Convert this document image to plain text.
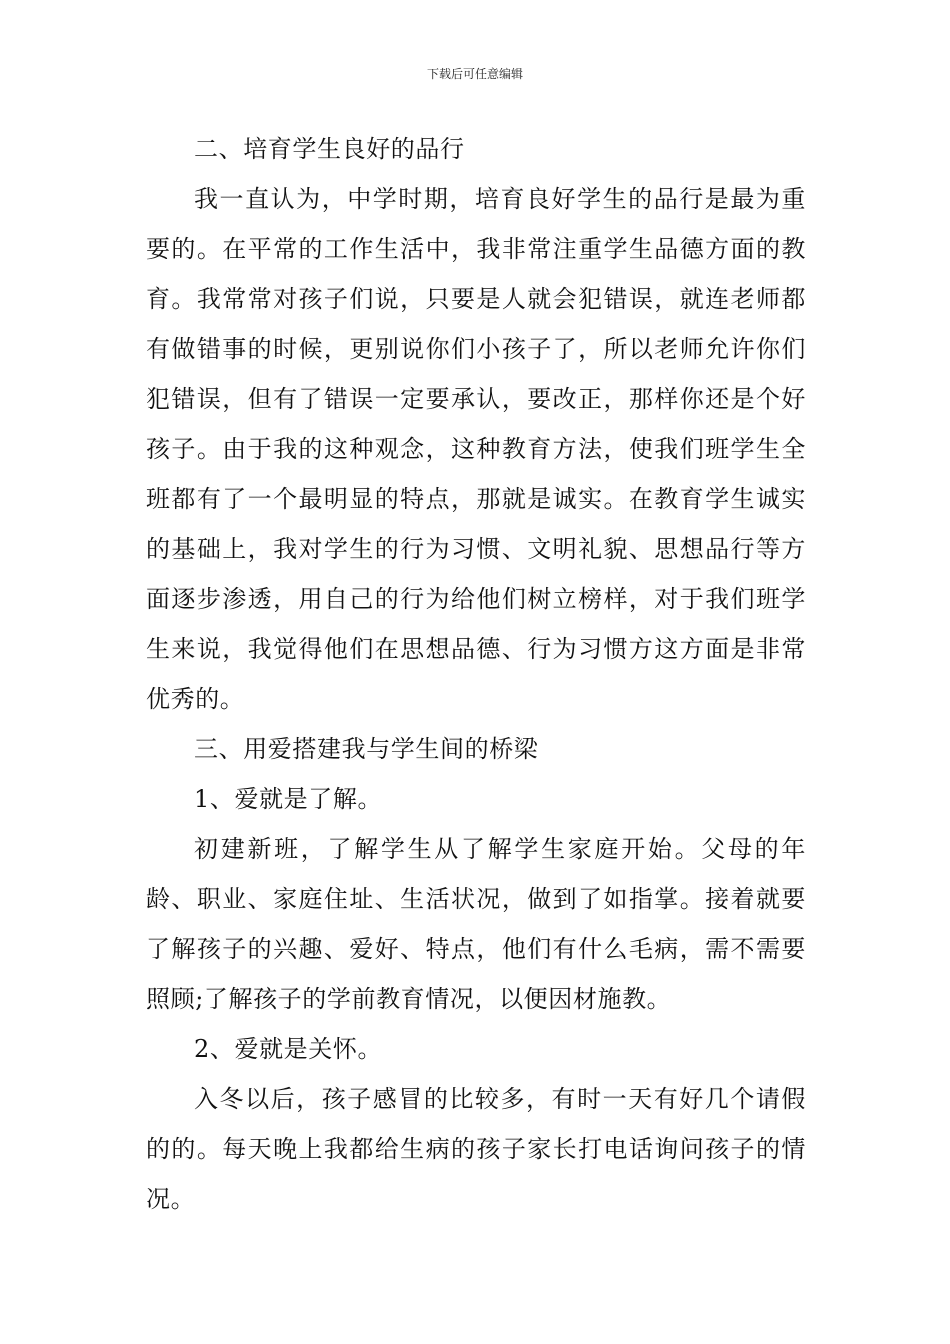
下载后可任意编辑

二、培育学生良好的品行

我一直认为，中学时期，培育良好学生的品行是最为重要的。在平常的工作生活中，我非常注重学生品德方面的教育。我常常对孩子们说，只要是人就会犯错误，就连老师都有做错事的时候，更别说你们小孩子了，所以老师允许你们犯错误，但有了错误一定要承认，要改正，那样你还是个好孩子。由于我的这种观念，这种教育方法，使我们班学生全班都有了一个最明显的特点，那就是诚实。在教育学生诚实的基础上，我对学生的行为习惯、文明礼貌、思想品行等方面逐步渗透，用自己的行为给他们树立榜样，对于我们班学生来说，我觉得他们在思想品德、行为习惯方这方面是非常优秀的。

三、用爱搭建我与学生间的桥梁

1、爱就是了解。

初建新班，了解学生从了解学生家庭开始。父母的年龄、职业、家庭住址、生活状况，做到了如指掌。接着就要了解孩子的兴趣、爱好、特点，他们有什么毛病，需不需要照顾;了解孩子的学前教育情况，以便因材施教。

2、爱就是关怀。

入冬以后，孩子感冒的比较多，有时一天有好几个请假的的。每天晚上我都给生病的孩子家长打电话询问孩子的情况。
